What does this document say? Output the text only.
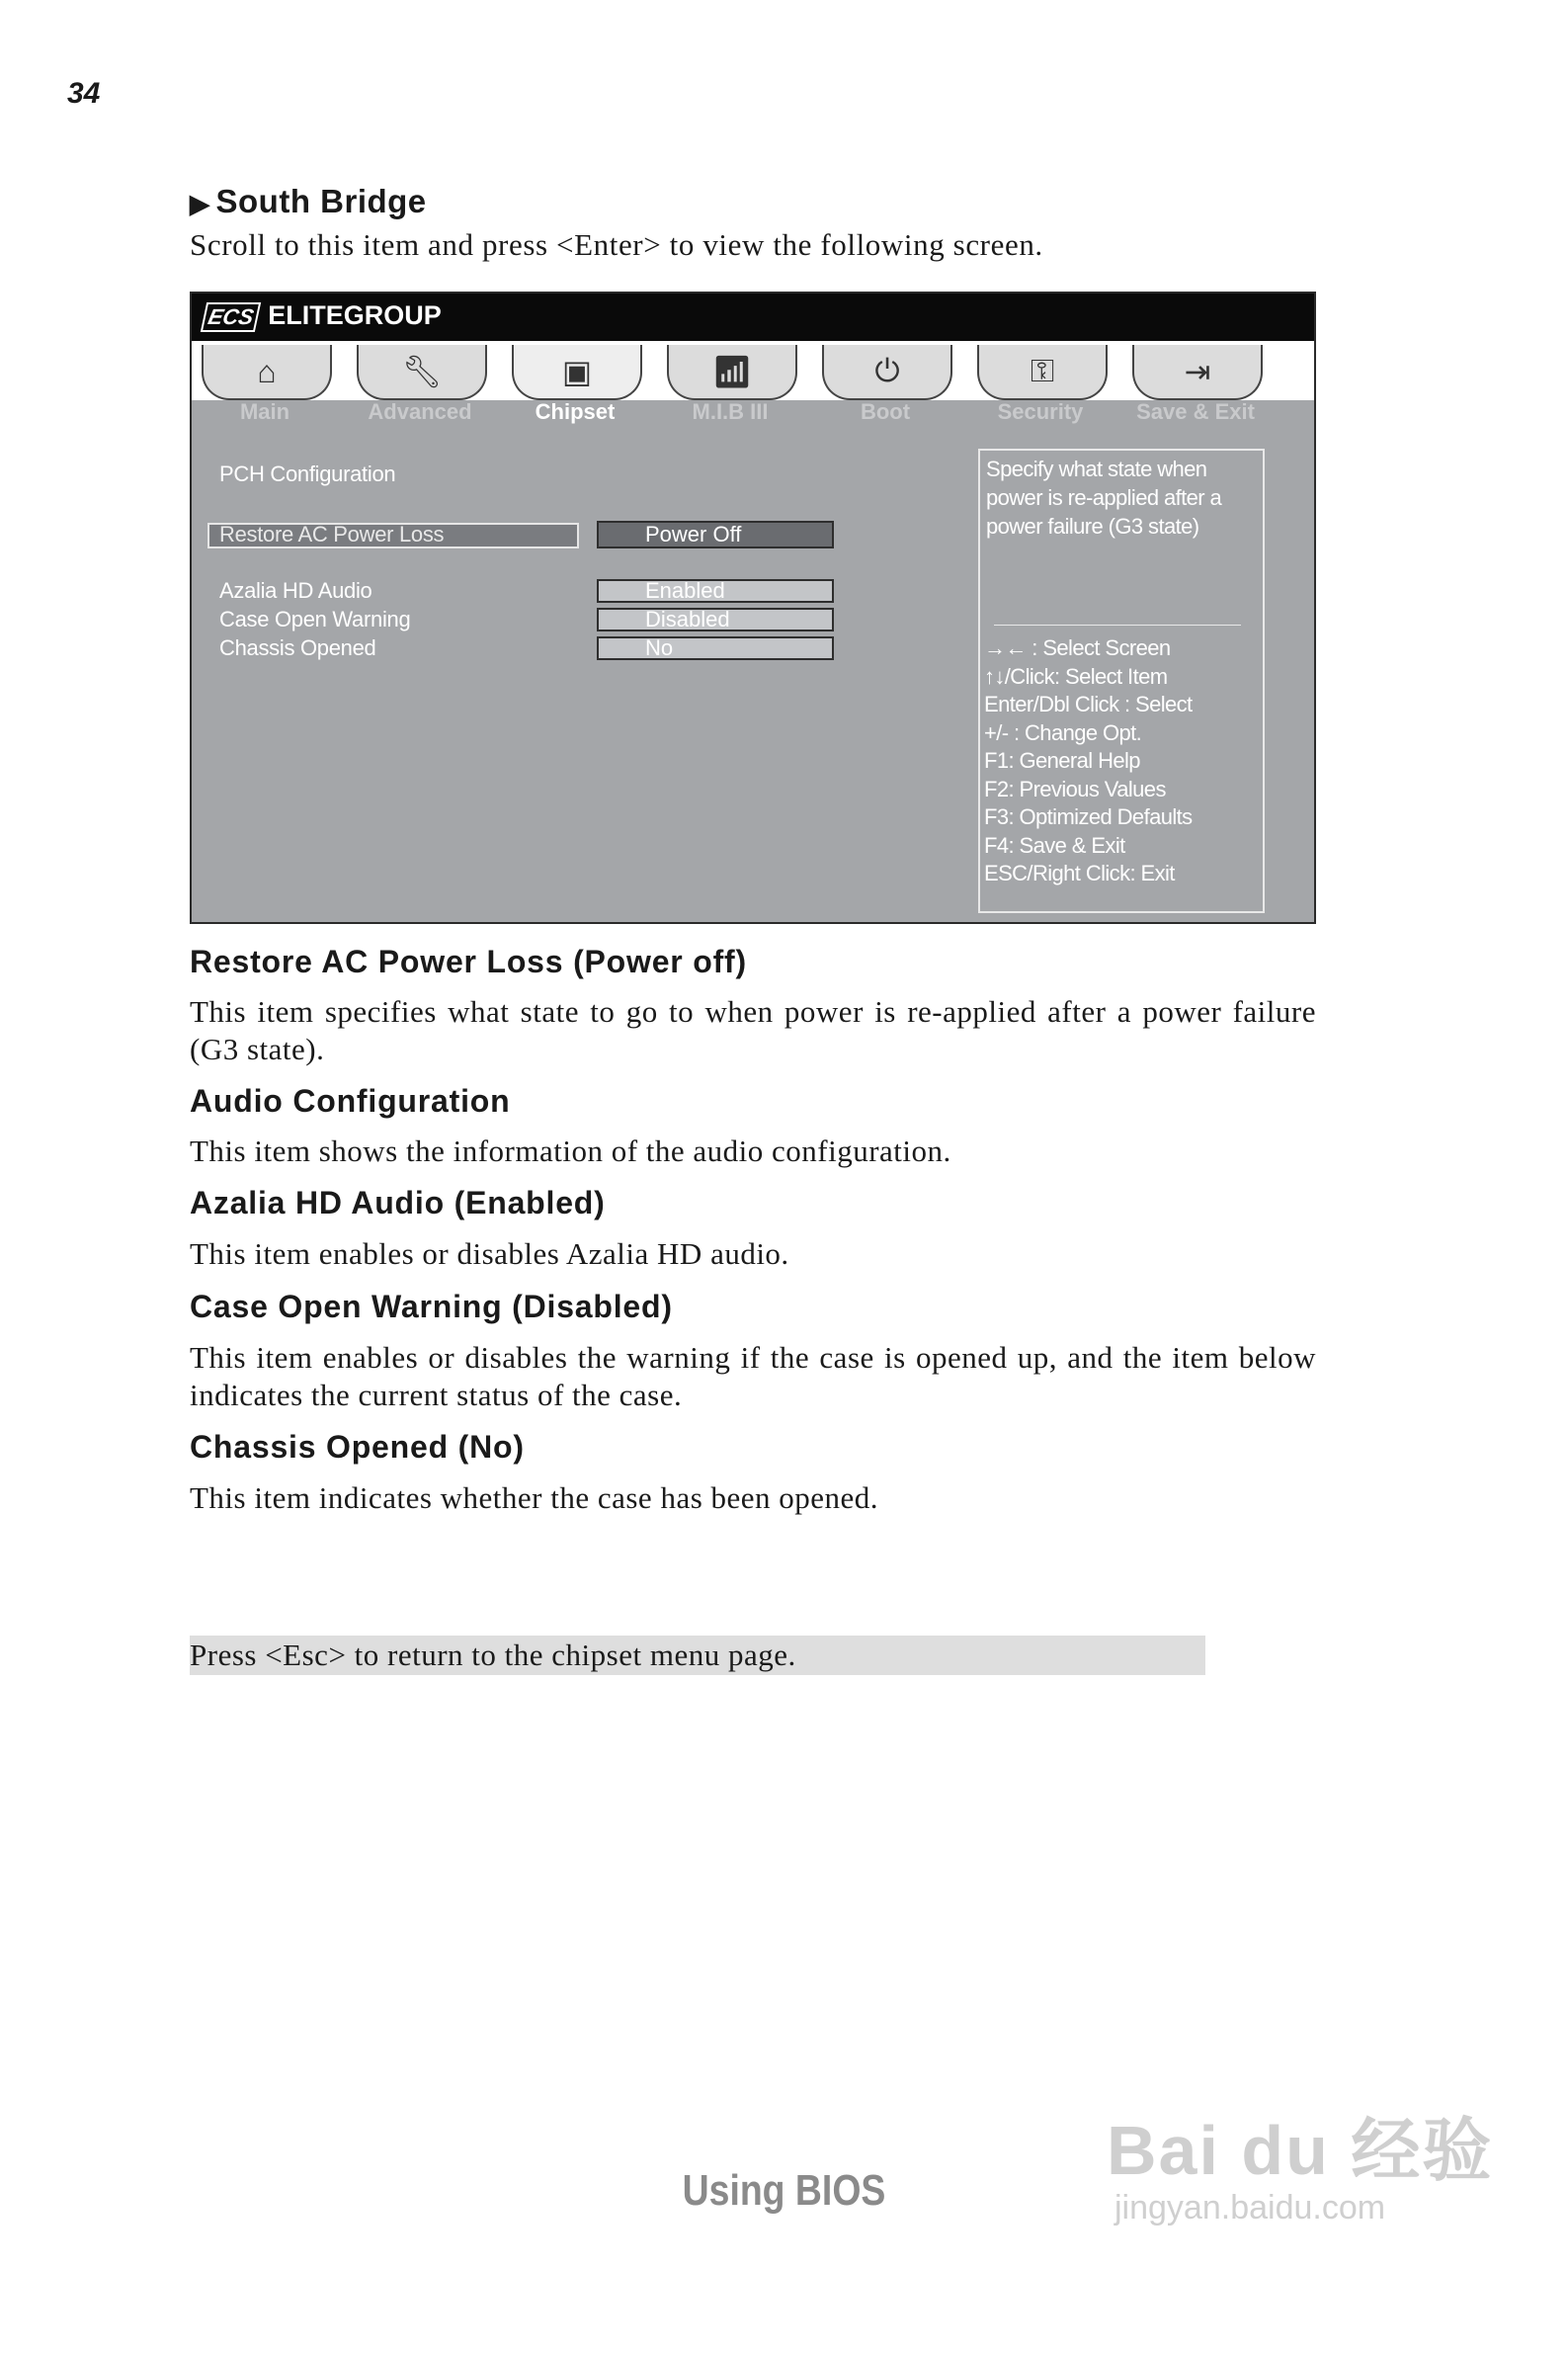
34
▶ South Bridge
Scroll to this item and press <Enter> to view the following screen.
ECS ELITEGROUP
⌂	🔧︎	▣	📶︎	⏻	⚿	⇥
Main	Advanced	Chipset	M.I.B III	Boot	Security	Save & Exit
PCH Configuration
Restore AC Power Loss	Power Off
Azalia HD Audio	Enabled
Case Open Warning	Disabled
Chassis Opened	No
Specify what state when
power is re-applied after a
power failure (G3 state)
→← : Select Screen
↑↓/Click: Select Item
Enter/Dbl Click : Select
+/- : Change Opt.
F1: General Help
F2: Previous Values
F3: Optimized Defaults
F4: Save & Exit
ESC/Right Click: Exit
Restore AC Power Loss (Power off)
This item specifies what state to go to when power is re-applied after a power failure (G3 state).
Audio Configuration
This item shows the information of the audio configuration.
Azalia HD Audio (Enabled)
This item enables or disables Azalia HD audio.
Case Open Warning (Disabled)
This item enables or disables the warning if the case is opened up, and the item below indicates the current status of the case.
Chassis Opened (No)
This item indicates whether the case has been opened.
Press <Esc> to return to the chipset menu page.
Using BIOS
Bai du 经验
jingyan.baidu.com
